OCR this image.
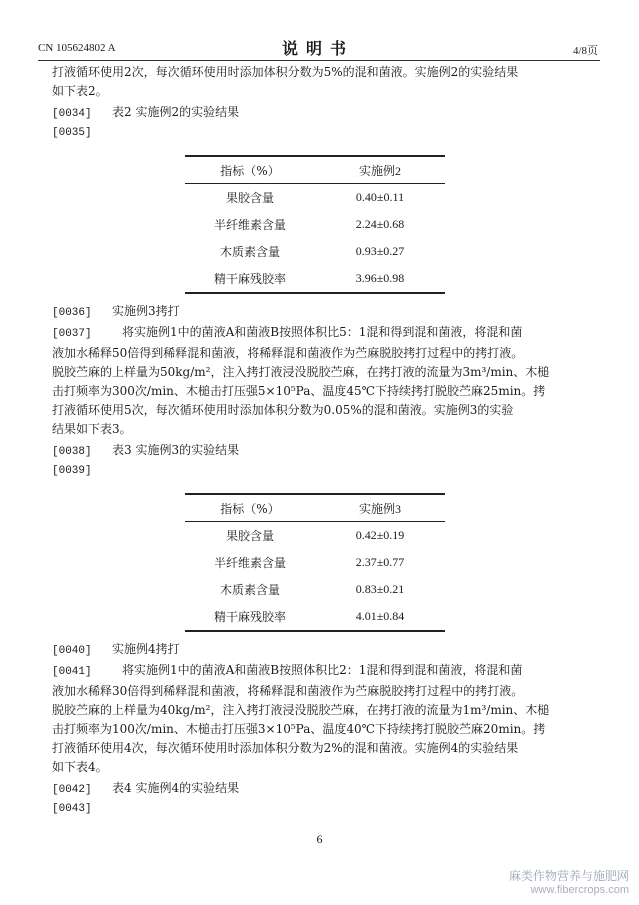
CN 105624802 A	说明书	4/8页
打液循环使用2次，每次循环使用时添加体积分数为5%的混和菌液。实施例2的实验结果
如下表2。
[0034] 表2 实施例2的实验结果
[0035]
指标（%）	实施例2
果胶含量	0.40±0.11
半纤维素含量	2.24±0.68
木质素含量	0.93±0.27
精干麻残胶率	3.96±0.98
[0036] 实施例3拷打
[0037]	将实施例1中的菌液A和菌液B按照体积比5：1混和得到混和菌液，将混和菌
液加水稀释50倍得到稀释混和菌液，将稀释混和菌液作为苎麻脱胶拷打过程中的拷打液。
脱胶苎麻的上样量为50kg/m²，注入拷打液浸没脱胶苎麻，在拷打液的流量为3m³/min、木槌
击打频率为300次/min、木槌击打压强5×10⁵Pa、温度45℃下持续拷打脱胶苎麻25min。拷
打液循环使用5次，每次循环使用时添加体积分数为0.05%的混和菌液。实施例3的实验
结果如下表3。
[0038] 表3 实施例3的实验结果
[0039]
指标（%）	实施例3
果胶含量	0.42±0.19
半纤维素含量	2.37±0.77
木质素含量	0.83±0.21
精干麻残胶率	4.01±0.84
[0040] 实施例4拷打
[0041]	将实施例1中的菌液A和菌液B按照体积比2：1混和得到混和菌液，将混和菌
液加水稀释30倍得到稀释混和菌液，将稀释混和菌液作为苎麻脱胶拷打过程中的拷打液。
脱胶苎麻的上样量为40kg/m²，注入拷打液浸没脱胶苎麻，在拷打液的流量为1m³/min、木槌
击打频率为100次/min、木槌击打压强3×10⁵Pa、温度40℃下持续拷打脱胶苎麻20min。拷
打液循环使用4次，每次循环使用时添加体积分数为2%的混和菌液。实施例4的实验结果
如下表4。
[0042] 表4 实施例4的实验结果
[0043]
6
麻类作物营养与施肥网
www.fibercrops.com
